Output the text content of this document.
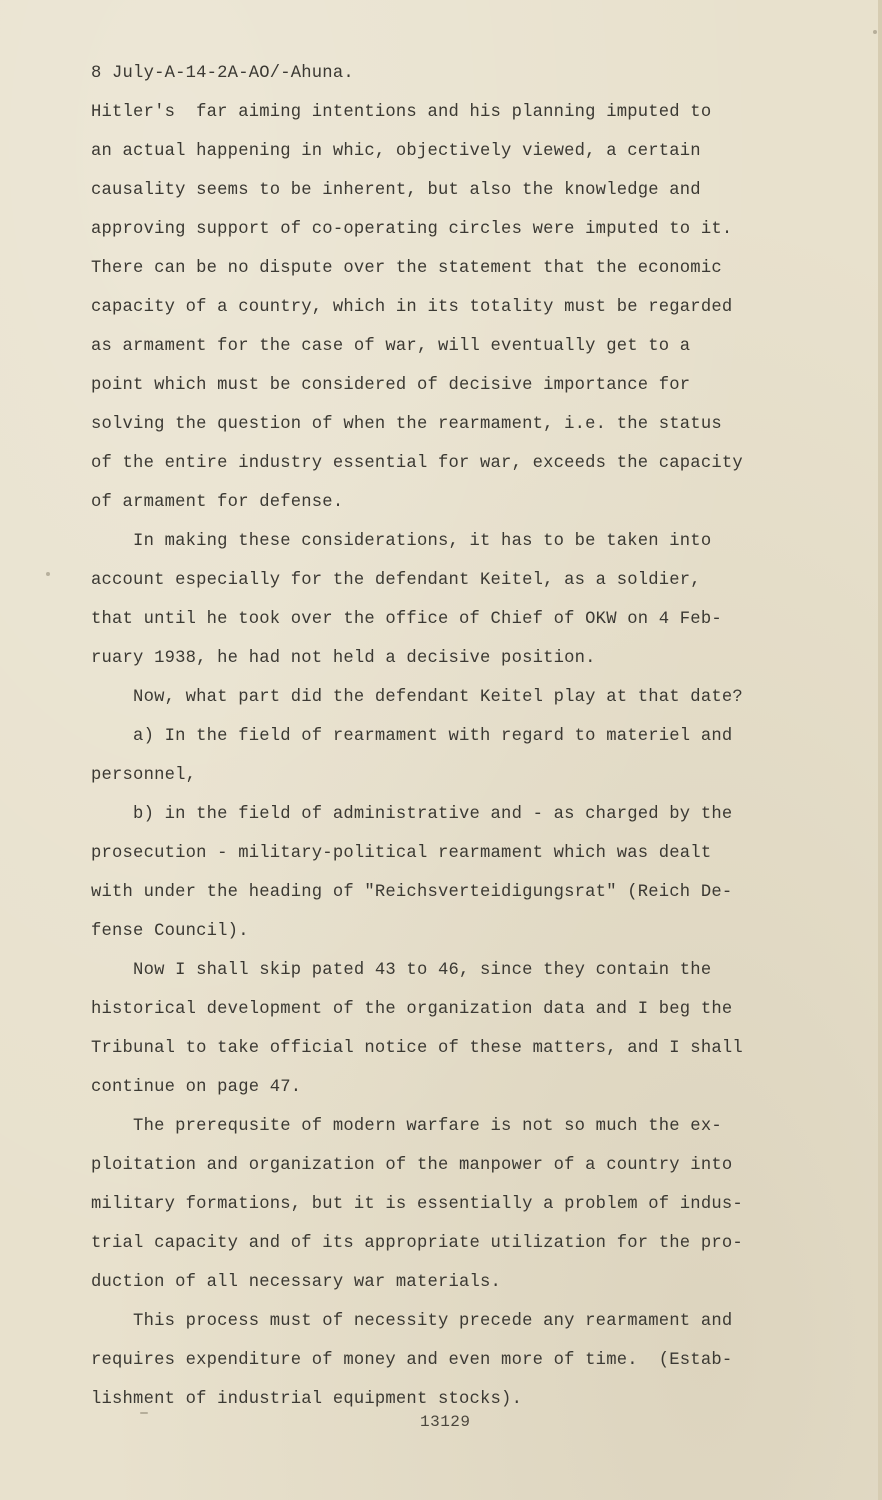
8 July-A-14-2A-AO/-Ahuna.
Hitler's  far aiming intentions and his planning imputed to
an actual happening in whic, objectively viewed, a certain
causality seems to be inherent, but also the knowledge and
approving support of co-operating circles were imputed to it.
There can be no dispute over the statement that the economic
capacity of a country, which in its totality must be regarded
as armament for the case of war, will eventually get to a
point which must be considered of decisive importance for
solving the question of when the rearmament, i.e. the status
of the entire industry essential for war, exceeds the capacity
of armament for defense.
In making these considerations, it has to be taken into
account especially for the defendant Keitel, as a soldier,
that until he took over the office of Chief of OKW on 4 Feb-
ruary 1938, he had not held a decisive position.
Now, what part did the defendant Keitel play at that date?
a) In the field of rearmament with regard to materiel and
personnel,
b) in the field of administrative and - as charged by the
prosecution - military-political rearmament which was dealt
with under the heading of "Reichsverteidigungsrat" (Reich De-
fense Council).
Now I shall skip pated 43 to 46, since they contain the
historical development of the organization data and I beg the
Tribunal to take official notice of these matters, and I shall
continue on page 47.
The prerequsite of modern warfare is not so much the ex-
ploitation and organization of the manpower of a country into
military formations, but it is essentially a problem of indus-
trial capacity and of its appropriate utilization for the pro-
duction of all necessary war materials.
This process must of necessity precede any rearmament and
requires expenditure of money and even more of time.  (Estab-
lishment of industrial equipment stocks).
13129
